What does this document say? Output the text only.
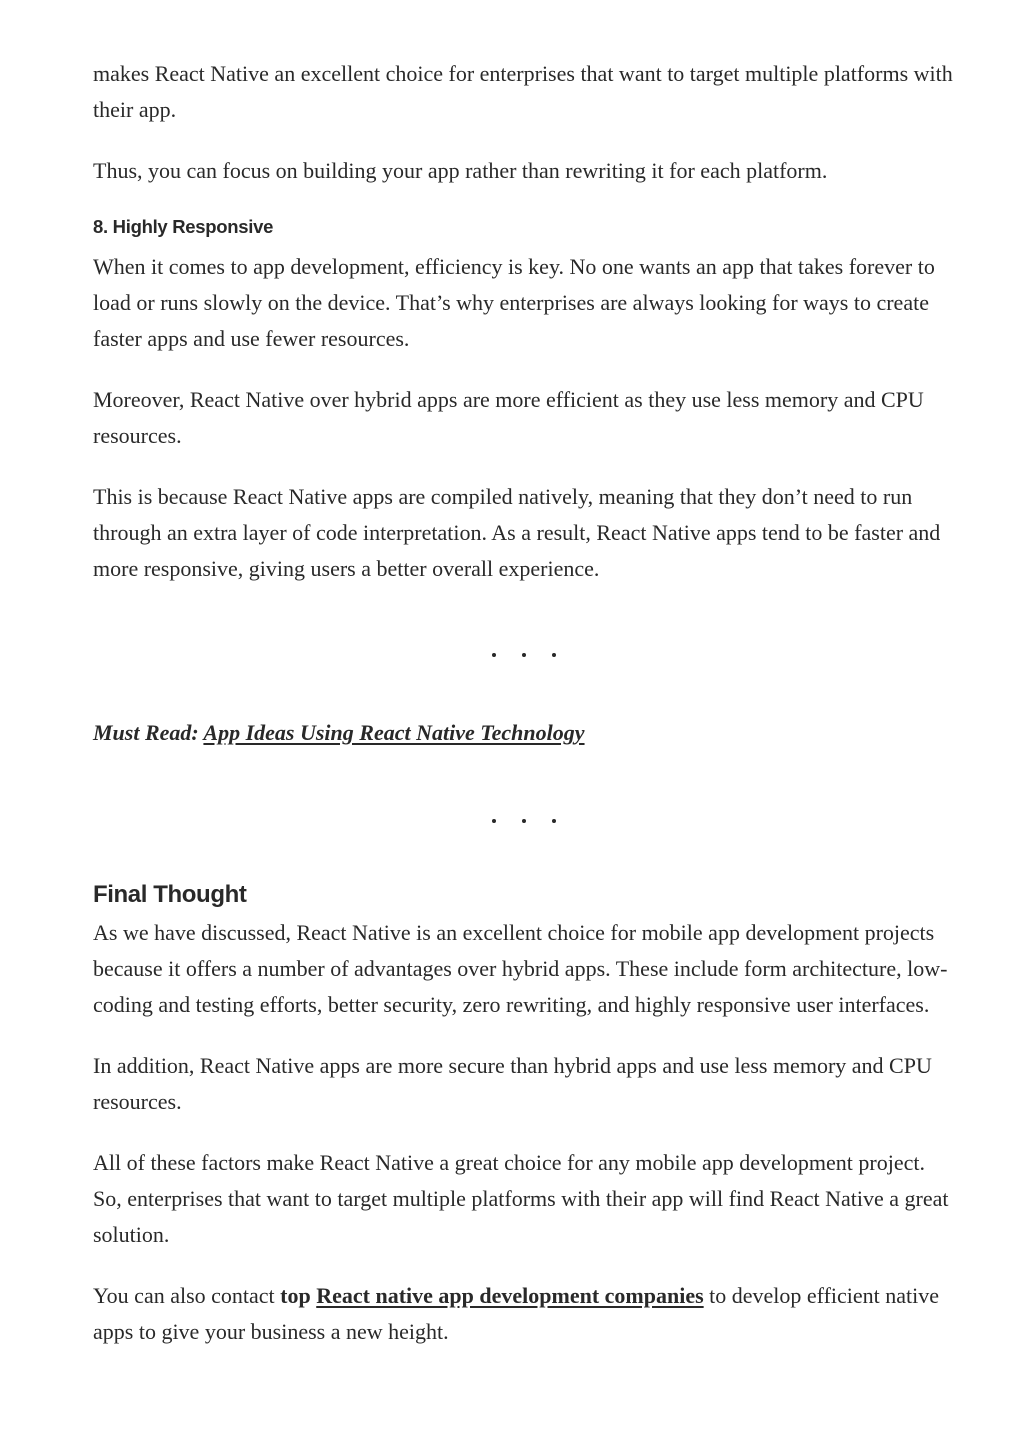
makes React Native an excellent choice for enterprises that want to target multiple platforms with their app.

Thus, you can focus on building your app rather than rewriting it for each platform.

8. Highly Responsive

When it comes to app development, efficiency is key. No one wants an app that takes forever to load or runs slowly on the device. That’s why enterprises are always looking for ways to create faster apps and use fewer resources.

Moreover, React Native over hybrid apps are more efficient as they use less memory and CPU resources.

This is because React Native apps are compiled natively, meaning that they don’t need to run through an extra layer of code interpretation. As a result, React Native apps tend to be faster and more responsive, giving users a better overall experience.

Must Read: App Ideas Using React Native Technology

Final Thought

As we have discussed, React Native is an excellent choice for mobile app development projects because it offers a number of advantages over hybrid apps. These include form architecture, low-coding and testing efforts, better security, zero rewriting, and highly responsive user interfaces.

In addition, React Native apps are more secure than hybrid apps and use less memory and CPU resources.

All of these factors make React Native a great choice for any mobile app development project. So, enterprises that want to target multiple platforms with their app will find React Native a great solution.

You can also contact top React native app development companies to develop efficient native apps to give your business a new height.
